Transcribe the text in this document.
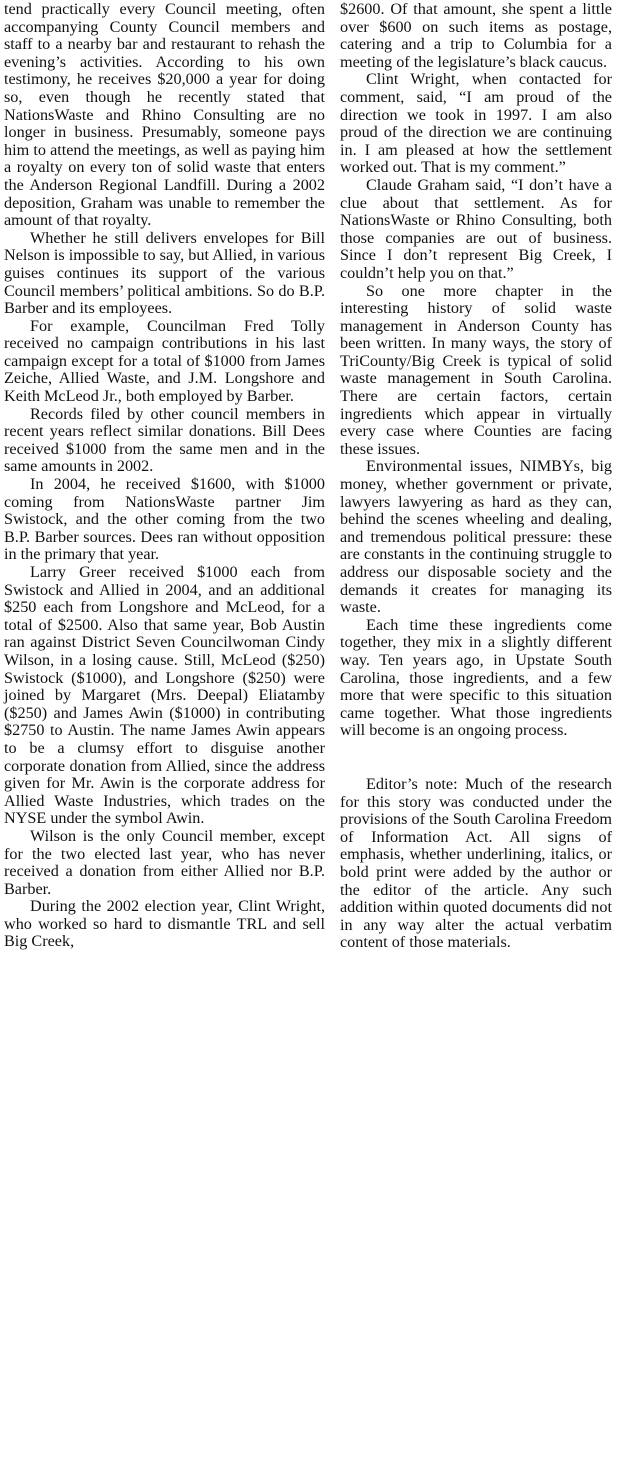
tend practically every Council meeting, often accompanying County Council members and staff to a nearby bar and restaurant to rehash the evening’s activities. According to his own testimony, he receives $20,000 a year for doing so, even though he recently stated that NationsWaste and Rhino Consulting are no longer in business. Presumably, someone pays him to attend the meetings, as well as paying him a royalty on every ton of solid waste that enters the Anderson Regional Landfill. During a 2002 deposition, Graham was unable to remember the amount of that royalty.

Whether he still delivers envelopes for Bill Nelson is impossible to say, but Allied, in various guises continues its support of the various Council members’ political ambitions. So do B.P. Barber and its employees.

For example, Councilman Fred Tolly received no campaign contributions in his last campaign except for a total of $1000 from James Zeiche, Allied Waste, and J.M. Longshore and Keith McLeod Jr., both employed by Barber.

Records filed by other council members in recent years reflect similar donations. Bill Dees received $1000 from the same men and in the same amounts in 2002.

In 2004, he received $1600, with $1000 coming from NationsWaste partner Jim Swistock, and the other coming from the two B.P. Barber sources. Dees ran without opposition in the primary that year.

Larry Greer received $1000 each from Swistock and Allied in 2004, and an additional $250 each from Longshore and McLeod, for a total of $2500. Also that same year, Bob Austin ran against District Seven Councilwoman Cindy Wilson, in a losing cause. Still, McLeod ($250) Swistock ($1000), and Longshore ($250) were joined by Margaret (Mrs. Deepal) Eliatamby ($250) and James Awin ($1000) in contributing $2750 to Austin. The name James Awin appears to be a clumsy effort to disguise another corporate donation from Allied, since the address given for Mr. Awin is the corporate address for Allied Waste Industries, which trades on the NYSE under the symbol Awin.

Wilson is the only Council member, except for the two elected last year, who has never received a donation from either Allied nor B.P. Barber.

During the 2002 election year, Clint Wright, who worked so hard to dismantle TRL and sell Big Creek,

$2600. Of that amount, she spent a little over $600 on such items as postage, catering and a trip to Columbia for a meeting of the legislature’s black caucus.

Clint Wright, when contacted for comment, said, “I am proud of the direction we took in 1997. I am also proud of the direction we are continuing in. I am pleased at how the settlement worked out. That is my comment.”

Claude Graham said, “I don’t have a clue about that settlement. As for NationsWaste or Rhino Consulting, both those companies are out of business. Since I don’t represent Big Creek, I couldn’t help you on that.”

So one more chapter in the interesting history of solid waste management in Anderson County has been written. In many ways, the story of TriCounty/Big Creek is typical of solid waste management in South Carolina. There are certain factors, certain ingredients which appear in virtually every case where Counties are facing these issues.

Environmental issues, NIMBYs, big money, whether government or private, lawyers lawyering as hard as they can, behind the scenes wheeling and dealing, and tremendous political pressure: these are constants in the continuing struggle to address our disposable society and the demands it creates for managing its waste.

Each time these ingredients come together, they mix in a slightly different way. Ten years ago, in Upstate South Carolina, those ingredients, and a few more that were specific to this situation came together. What those ingredients will become is an ongoing process.

Editor’s note: Much of the research for this story was conducted under the provisions of the South Carolina Freedom of Information Act. All signs of emphasis, whether underlining, italics, or bold print were added by the author or the editor of the article. Any such addition within quoted documents did not in any way alter the actual verbatim content of those materials.
